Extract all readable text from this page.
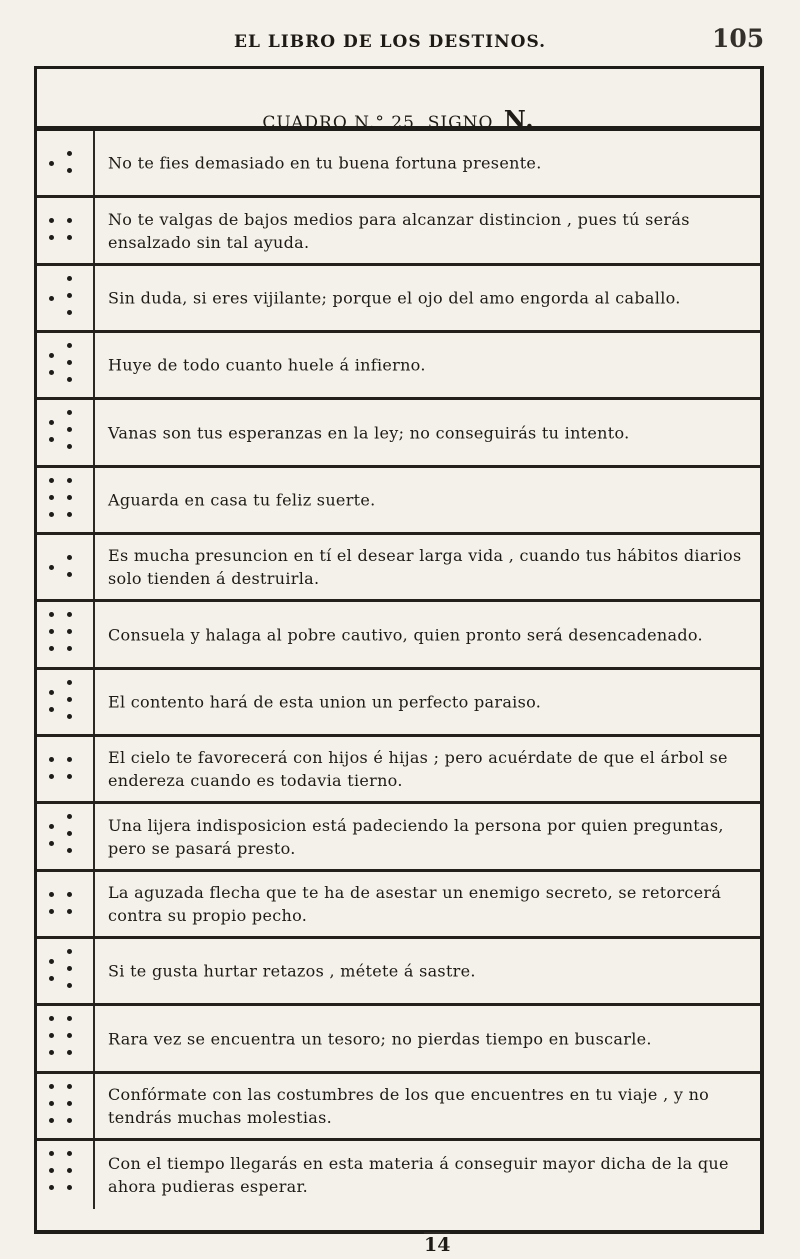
EL LIBRO DE LOS DESTINOS.	105
CUADRO N.° 25, SIGNO N.
No te fies demasiado en tu buena fortuna presente.
No te valgas de bajos medios para alcanzar distincion , pues tú serás ensalzado sin tal ayuda.
Sin duda, si eres vijilante; porque el ojo del amo engorda al caballo.
Huye de todo cuanto huele á infierno.
Vanas son tus esperanzas en la ley; no conseguirás tu intento.
Aguarda en casa tu feliz suerte.
Es mucha presuncion en tí el desear larga vida , cuando tus hábitos diarios solo tienden á destruirla.
Consuela y halaga al pobre cautivo, quien pronto será desencadenado.
El contento hará de esta union un perfecto paraiso.
El cielo te favorecerá con hijos é hijas ; pero acuérdate de que el árbol se endereza cuando es todavia tierno.
Una lijera indisposicion está padeciendo la persona por quien preguntas, pero se pasará presto.
La aguzada flecha que te ha de asestar un enemigo secreto, se retorcerá contra su propio pecho.
Si te gusta hurtar retazos , métete á sastre.
Rara vez se encuentra un tesoro; no pierdas tiempo en buscarle.
Confórmate con las costumbres de los que encuentres en tu viaje , y no tendrás muchas molestias.
Con el tiempo llegarás en esta materia á conseguir mayor dicha de la que ahora pudieras esperar.
14
